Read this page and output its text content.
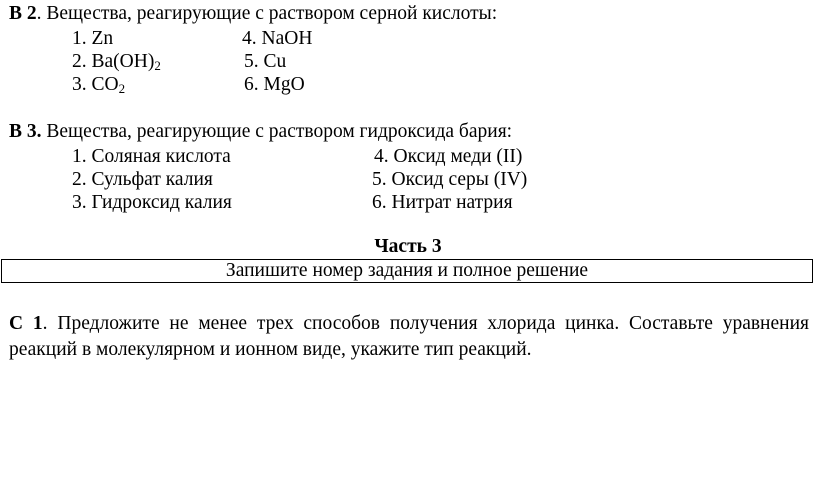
В 2. Вещества, реагирующие с раствором серной кислоты:
1. Zn	4. NaOH
2. Ba(OH)2	5. Cu
3. CO2	6. MgO
В 3. Вещества, реагирующие с раствором гидроксида бария:
1. Соляная кислота	4. Оксид меди (II)
2. Сульфат калия	5. Оксид серы (IV)
3. Гидроксид калия	6. Нитрат натрия
Часть 3
Запишите номер задания и полное решение
С 1. Предложите не менее трех способов получения хлорида цинка. Составьте уравнения реакций в молекулярном и ионном виде, укажите тип реакций.
